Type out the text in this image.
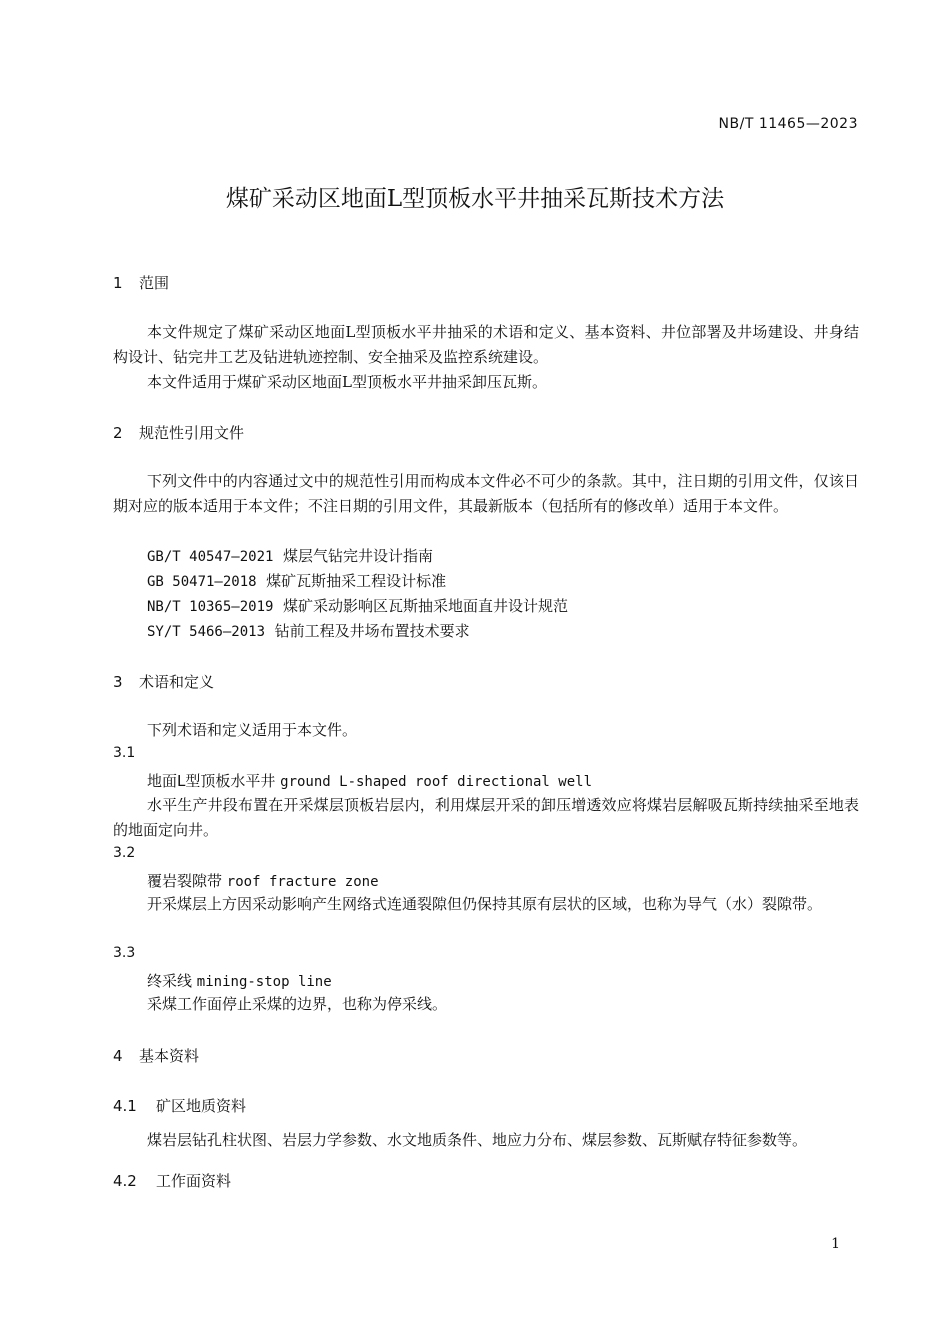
NB/T 11465—2023
煤矿采动区地面L型顶板水平井抽采瓦斯技术方法
1 范围
本文件规定了煤矿采动区地面L型顶板水平井抽采的术语和定义、基本资料、井位部署及井场建设、井身结构设计、钻完井工艺及钻进轨迹控制、安全抽采及监控系统建设。
本文件适用于煤矿采动区地面L型顶板水平井抽采卸压瓦斯。
2 规范性引用文件
下列文件中的内容通过文中的规范性引用而构成本文件必不可少的条款。其中，注日期的引用文件，仅该日期对应的版本适用于本文件；不注日期的引用文件，其最新版本（包括所有的修改单）适用于本文件。
GB/T 40547—2021 煤层气钻完井设计指南
GB 50471—2018 煤矿瓦斯抽采工程设计标准
NB/T 10365—2019 煤矿采动影响区瓦斯抽采地面直井设计规范
SY/T 5466—2013 钻前工程及井场布置技术要求
3 术语和定义
下列术语和定义适用于本文件。
3.1
地面L型顶板水平井 ground L-shaped roof directional well
水平生产井段布置在开采煤层顶板岩层内，利用煤层开采的卸压增透效应将煤岩层解吸瓦斯持续抽采至地表的地面定向井。
3.2
覆岩裂隙带 roof fracture zone
开采煤层上方因采动影响产生网络式连通裂隙但仍保持其原有层状的区域，也称为导气（水）裂隙带。
3.3
终采线 mining-stop line
采煤工作面停止采煤的边界，也称为停采线。
4 基本资料
4.1 矿区地质资料
煤岩层钻孔柱状图、岩层力学参数、水文地质条件、地应力分布、煤层参数、瓦斯赋存特征参数等。
4.2 工作面资料
1
